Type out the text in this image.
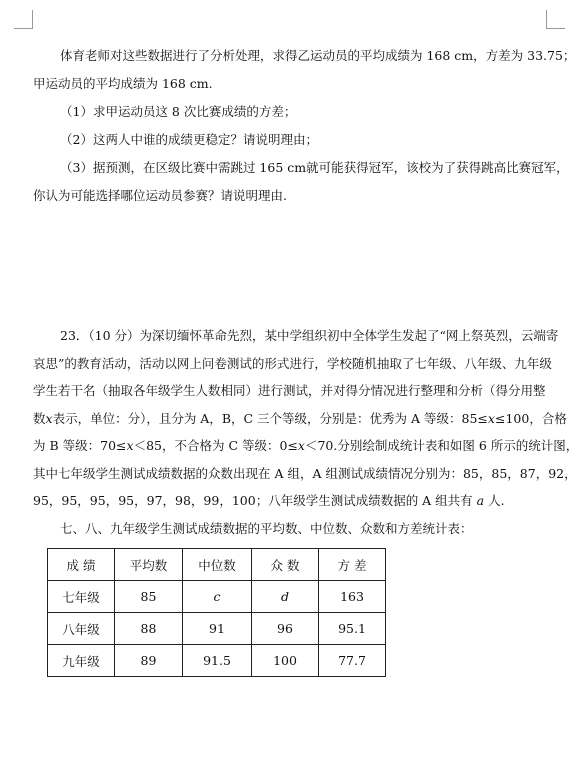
体育老师对这些数据进行了分析处理，求得乙运动员的平均成绩为 168 cm，方差为 33.75；

甲运动员的平均成绩为 168 cm.

（1）求甲运动员这 8 次比赛成绩的方差；

（2）这两人中谁的成绩更稳定？请说明理由；

（3）据预测，在区级比赛中需跳过 165 cm就可能获得冠军，该校为了获得跳高比赛冠军，

你认为可能选择哪位运动员参赛？请说明理由.

23．（10 分）为深切缅怀革命先烈，某中学组织初中全体学生发起了“网上祭英烈，云端寄

哀思”的教育活动，活动以网上问卷测试的形式进行，学校随机抽取了七年级、八年级、九年级

学生若干名（抽取各年级学生人数相同）进行测试，并对得分情况进行整理和分析（得分用整

数x表示，单位：分），且分为 A，B，C 三个等级，分别是：优秀为 A 等级：85≤x≤100，合格

为 B 等级：70≤x＜85，不合格为 C 等级：0≤x＜70.分别绘制成统计表和如图 6 所示的统计图，

其中七年级学生测试成绩数据的众数出现在 A 组，A 组测试成绩情况分别为：85，85，87，92，

95，95，95，95，97，98，99，100；八年级学生测试成绩数据的 A 组共有 a 人.

七、八、九年级学生测试成绩数据的平均数、中位数、众数和方差统计表：

成 绩	平均数	中位数	众 数	方 差
七年级	85	c	d	163
八年级	88	91	96	95.1
九年级	89	91.5	100	77.7
